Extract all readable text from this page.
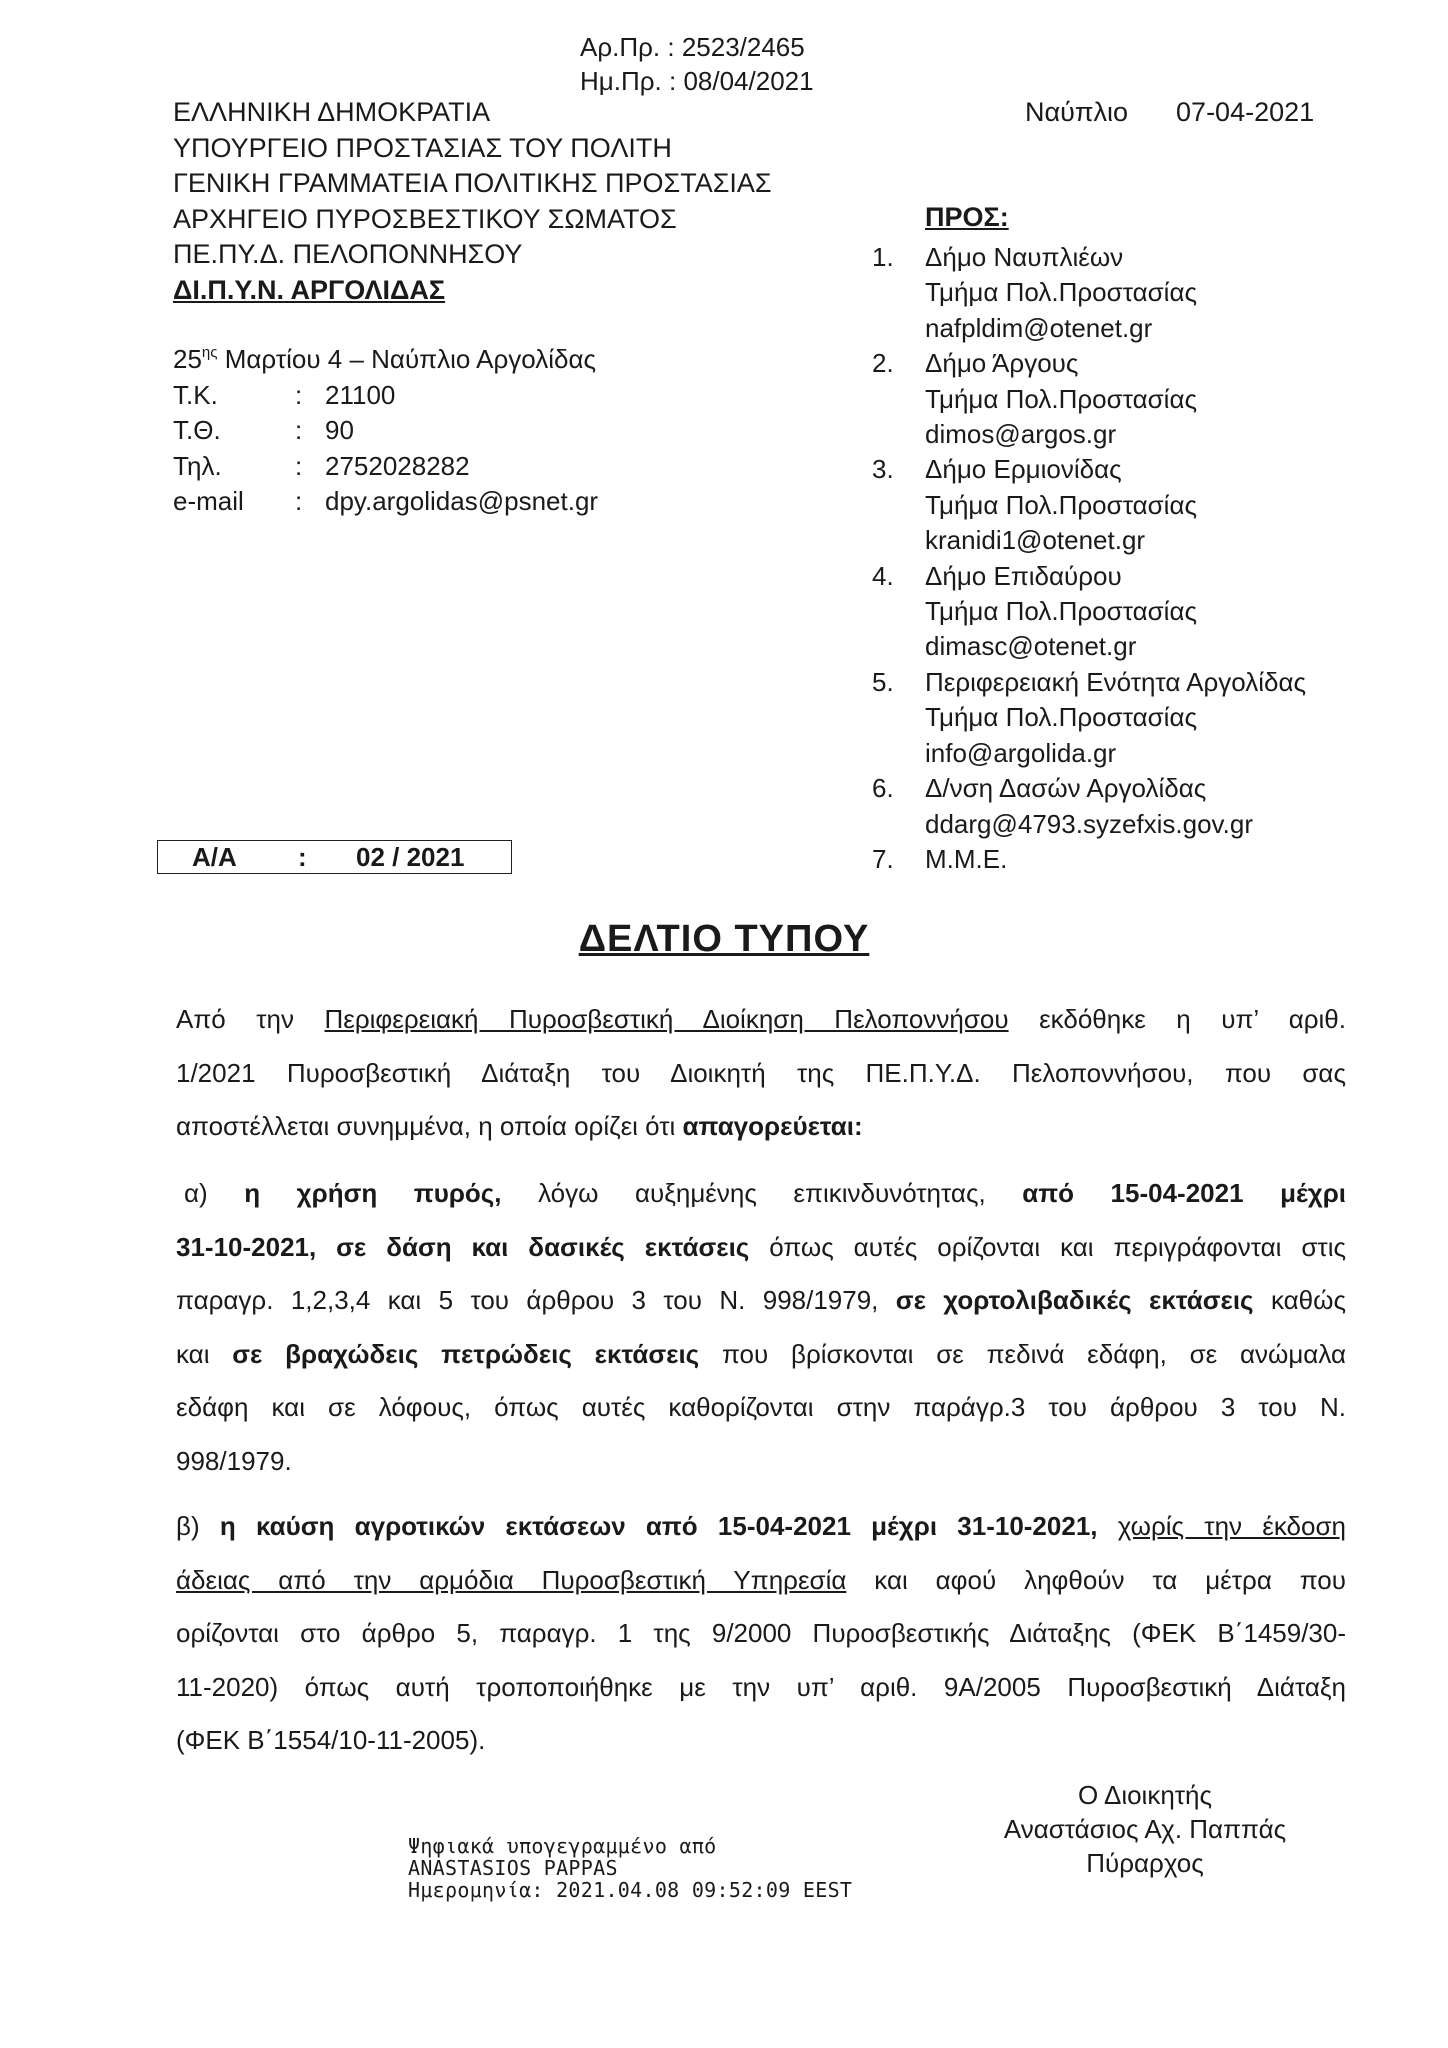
Αρ.Πρ. : 2523/2465
Ημ.Πρ. : 08/04/2021
ΕΛΛΗΝΙΚΗ ΔΗΜΟΚΡΑΤΙΑ
ΥΠΟΥΡΓΕΙΟ ΠΡΟΣΤΑΣΙΑΣ ΤΟΥ ΠΟΛΙΤΗ
ΓΕΝΙΚΗ ΓΡΑΜΜΑΤΕΙΑ ΠΟΛΙΤΙΚΗΣ ΠΡΟΣΤΑΣΙΑΣ
ΑΡΧΗΓΕΙΟ ΠΥΡΟΣΒΕΣΤΙΚΟΥ ΣΩΜΑΤΟΣ
ΠΕ.ΠΥ.Δ. ΠΕΛΟΠΟΝΝΗΣΟΥ
ΔΙ.Π.Υ.Ν. ΑΡΓΟΛΙΔΑΣ
$25^{\eta\varsigma}$ Μαρτίου 4 – Ναύπλιο Αργολίδας
Τ.Κ.	: 21100
Τ.Θ.	: 90
Τηλ.	: 2752028282
e-mail	: dpy.argolidas@psnet.gr
Ναύπλιο 07-04-2021
ΠΡΟΣ:
1.	Δήμο Ναυπλιέων
Τμήμα Πολ.Προστασίας
nafpldim@otenet.gr
2.	Δήμο Άργους
Τμήμα Πολ.Προστασίας
dimos@argos.gr
3.	Δήμο Ερμιονίδας
Τμήμα Πολ.Προστασίας
kranidi1@otenet.gr
4.	Δήμο Επιδαύρου
Τμήμα Πολ.Προστασίας
dimasc@otenet.gr
5.	Περιφερειακή Ενότητα Αργολίδας
Τμήμα Πολ.Προστασίας
info@argolida.gr
6.	Δ/νση Δασών Αργολίδας
ddarg@4793.syzefxis.gov.gr
7.	Μ.Μ.Ε.
Α/Α : 02 / 2021
ΔΕΛΤΙΟ ΤΥΠΟΥ
Από την Περιφερειακή Πυροσβεστική Διοίκηση Πελοποννήσου εκδόθηκε η υπ’ αριθ.
1/2021 Πυροσβεστική Διάταξη του Διοικητή της ΠΕ.Π.Υ.Δ. Πελοποννήσου, που σας
αποστέλλεται συνημμένα, η οποία ορίζει ότι απαγορεύεται:
α) η χρήση πυρός, λόγω αυξημένης επικινδυνότητας, από 15-04-2021 μέχρι
31-10-2021, σε δάση και δασικές εκτάσεις όπως αυτές ορίζονται και περιγράφονται στις
παραγρ. 1,2,3,4 και 5 του άρθρου 3 του Ν. 998/1979, σε χορτολιβαδικές εκτάσεις καθώς
και σε βραχώδεις πετρώδεις εκτάσεις που βρίσκονται σε πεδινά εδάφη, σε ανώμαλα
εδάφη και σε λόφους, όπως αυτές καθορίζονται στην παράγρ.3 του άρθρου 3 του Ν.
998/1979.
β) η καύση αγροτικών εκτάσεων από 15-04-2021 μέχρι 31-10-2021, χωρίς την έκδοση
άδειας από την αρμόδια Πυροσβεστική Υπηρεσία και αφού ληφθούν τα μέτρα που
ορίζονται στο άρθρο 5, παραγρ. 1 της 9/2000 Πυροσβεστικής Διάταξης (ΦΕΚ Β΄1459/30-
11-2020) όπως αυτή τροποποιήθηκε με την υπ’ αριθ. 9Α/2005 Πυροσβεστική Διάταξη
(ΦΕΚ Β΄1554/10-11-2005).
Ο Διοικητής
Αναστάσιος Αχ. Παππάς
Πύραρχος
Ψηφιακά υπογεγραμμένο από
ANASTASIOS PAPPAS
Ημερομηνία: 2021.04.08 09:52:09 EEST
